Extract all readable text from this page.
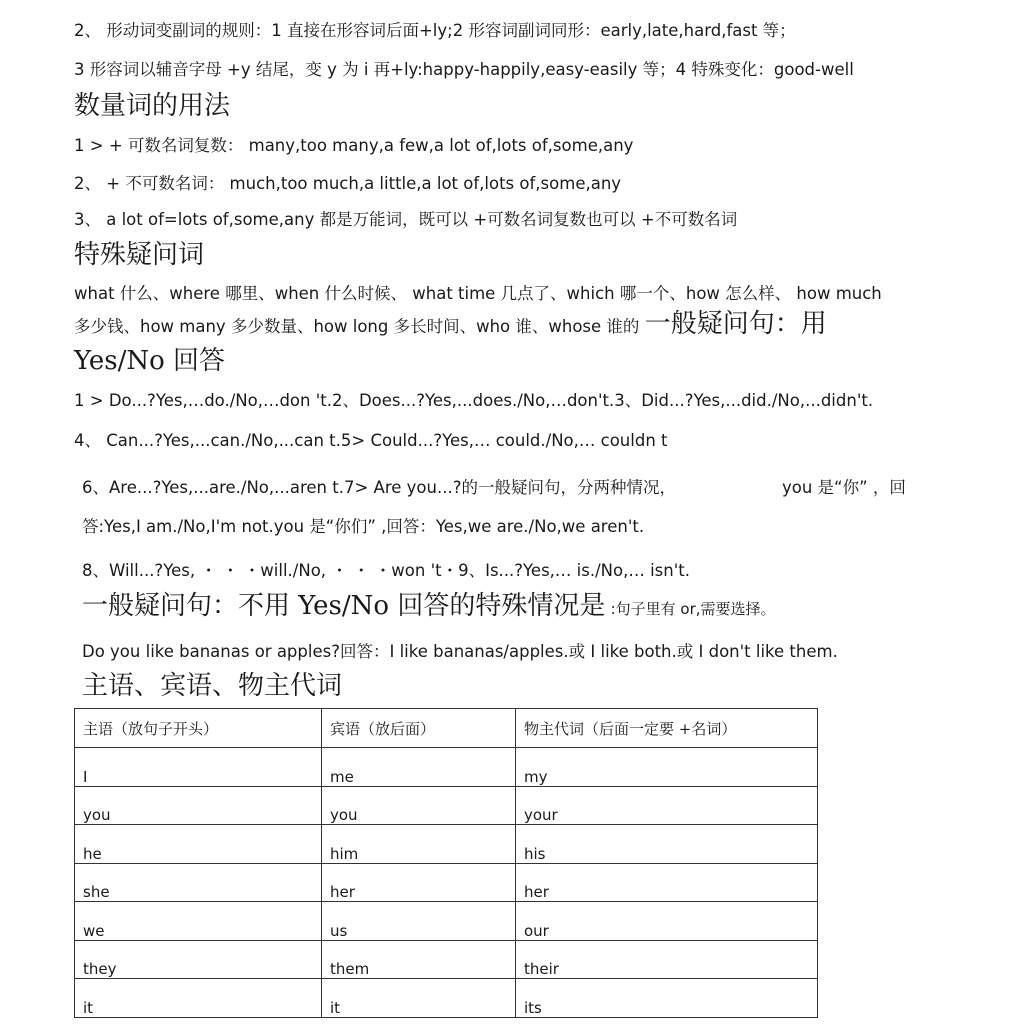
2、 形动词变副词的规则：1 直接在形容词后面+ly;2 形容词副词同形：early,late,hard,fast 等；
3 形容词以辅音字母 +y 结尾，变 y 为 i 再+ly:happy-happily,easy-easily 等；4 特殊变化：good-well
数量词的用法
1 > + 可数名词复数： many,too many,a few,a lot of,lots of,some,any
2、 + 不可数名词： much,too much,a little,a lot of,lots of,some,any
3、 a lot of=lots of,some,any 都是万能词，既可以 +可数名词复数也可以 +不可数名词
特殊疑问词
what 什么、where 哪里、when 什么时候、 what time 几点了、which 哪一个、how 怎么样、 how much
多少钱、how many 多少数量、how long 多长时间、who 谁、whose 谁的 一般疑问句：用
Yes/No 回答
1 > Do...?Yes,…do./No,…don 't.2、Does...?Yes,...does./No,…don't.3、Did...?Yes,...did./No,...didn't.
4、 Can...?Yes,...can./No,...can t.5> Could...?Yes,… could./No,… couldn t
6、Are...?Yes,...are./No,...aren t.7> Are you...?的一般疑问句，分两种情况，	you 是“你” ，回
答:Yes,I am./No,I'm not.you 是“你们” ,回答：Yes,we are./No,we aren't.
8、Will...?Yes, ・ ・ ・will./No, ・ ・ ・won 't・9、Is...?Yes,… is./No,… isn't.
一般疑问句：不用 Yes/No 回答的特殊情况是 :句子里有 or,需要选择。
Do you like bananas or apples?回答：I like bananas/apples.或 I like both.或 I don't like them.
主语、宾语、物主代词
主语（放句子开头）	宾语（放后面）	物主代词（后面一定要 +名词）
I	me	my
you	you	your
he	him	his
she	her	her
we	us	our
they	them	their
it	it	its
